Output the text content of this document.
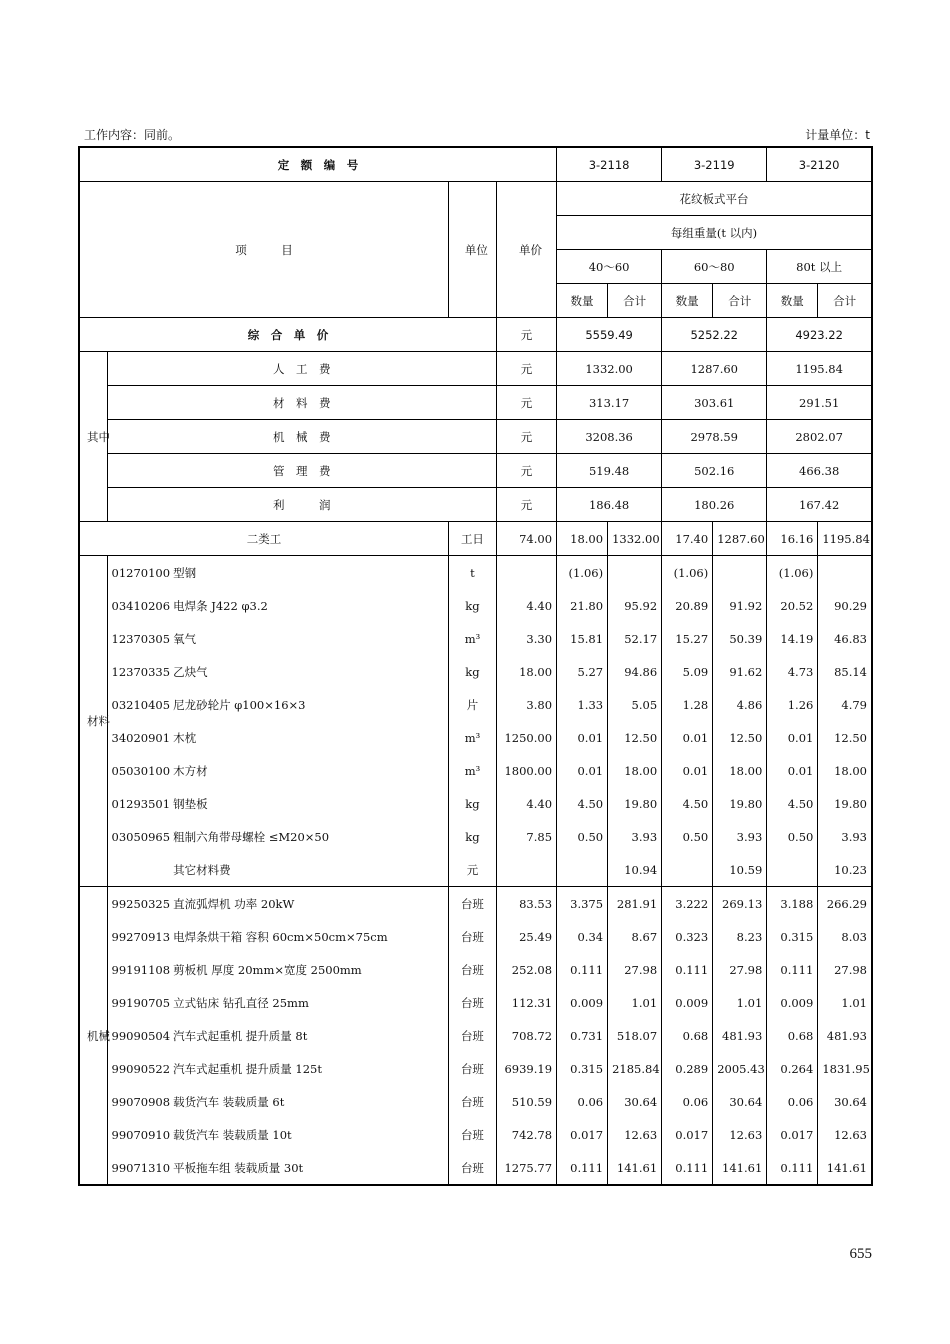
工作内容：同前。	计量单位：t
定　额　编　号					3-2118		3-2119		3-2120	
项　　　目			单位	单价	花纹板式平台					
					每组重量(t 以内)					
					40～60		60～80		80t 以上	
					数量	合计	数量	合计	数量	合计
综　合　单　价				元	5559.49		5252.22		4923.22	
其中	人　工　费			元	1332.00		1287.60		1195.84	
	材　料　费			元	313.17		303.61		291.51	
	机　械　费			元	3208.36		2978.59		2802.07	
	管　理　费			元	519.48		502.16		466.38	
	利　　　润			元	186.48		180.26		167.42	
二类工			工日	74.00	18.00	1332.00	17.40	1287.60	16.16	1195.84
材料	01270100	型钢	t		(1.06)		(1.06)		(1.06)	
	03410206	电焊条 J422 φ3.2	kg	4.40	21.80	95.92	20.89	91.92	20.52	90.29
	12370305	氧气	m³	3.30	15.81	52.17	15.27	50.39	14.19	46.83
	12370335	乙炔气	kg	18.00	5.27	94.86	5.09	91.62	4.73	85.14
	03210405	尼龙砂轮片 φ100×16×3	片	3.80	1.33	5.05	1.28	4.86	1.26	4.79
	34020901	木枕	m³	1250.00	0.01	12.50	0.01	12.50	0.01	12.50
	05030100	木方材	m³	1800.00	0.01	18.00	0.01	18.00	0.01	18.00
	01293501	钢垫板	kg	4.40	4.50	19.80	4.50	19.80	4.50	19.80
	03050965	粗制六角带母螺栓 ≤M20×50	kg	7.85	0.50	3.93	0.50	3.93	0.50	3.93
		其它材料费	元			10.94		10.59		10.23
机械	99250325	直流弧焊机 功率 20kW	台班	83.53	3.375	281.91	3.222	269.13	3.188	266.29
	99270913	电焊条烘干箱 容积 60cm×50cm×75cm	台班	25.49	0.34	8.67	0.323	8.23	0.315	8.03
	99191108	剪板机 厚度 20mm×宽度 2500mm	台班	252.08	0.111	27.98	0.111	27.98	0.111	27.98
	99190705	立式钻床 钻孔直径 25mm	台班	112.31	0.009	1.01	0.009	1.01	0.009	1.01
	99090504	汽车式起重机 提升质量 8t	台班	708.72	0.731	518.07	0.68	481.93	0.68	481.93
	99090522	汽车式起重机 提升质量 125t	台班	6939.19	0.315	2185.84	0.289	2005.43	0.264	1831.95
	99070908	载货汽车 装载质量 6t	台班	510.59	0.06	30.64	0.06	30.64	0.06	30.64
	99070910	载货汽车 装载质量 10t	台班	742.78	0.017	12.63	0.017	12.63	0.017	12.63
	99071310	平板拖车组 装载质量 30t	台班	1275.77	0.111	141.61	0.111	141.61	0.111	141.61
655
